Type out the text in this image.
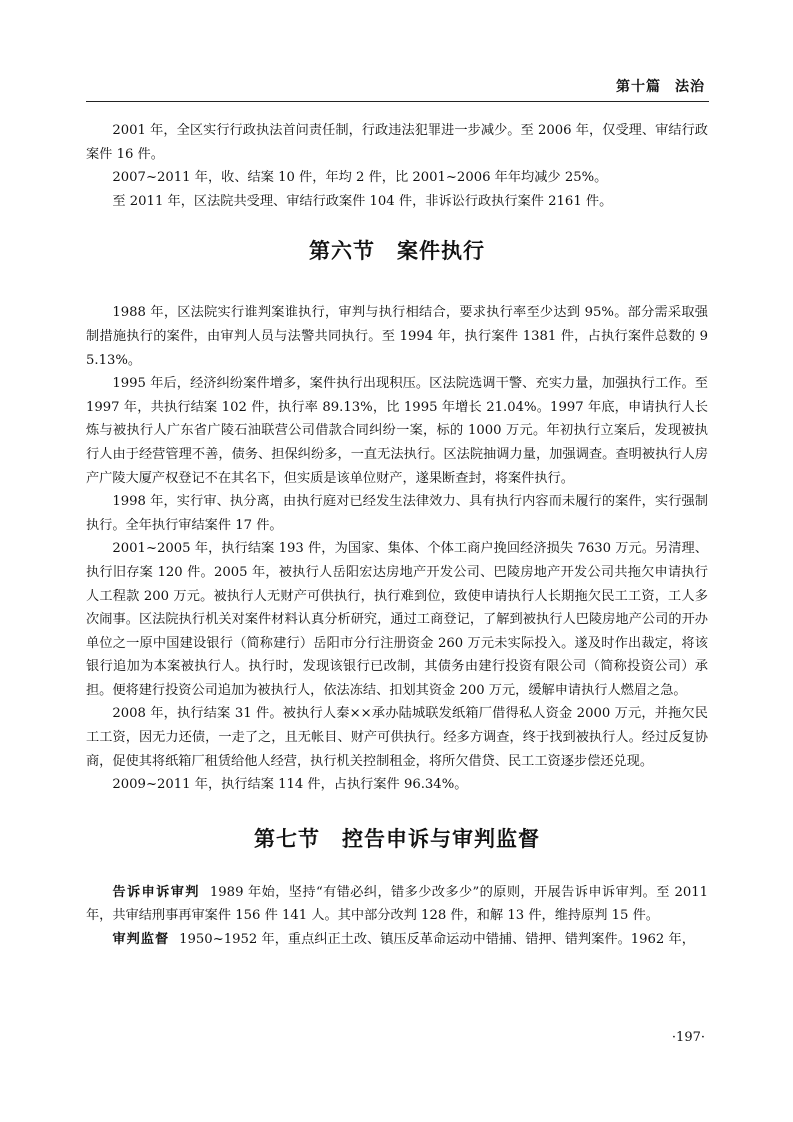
第十篇 法治

2001 年，全区实行行政执法首问责任制，行政违法犯罪进一步减少。至 2006 年，仅受理、审结行政案件 16 件。

2007~2011 年，收、结案 10 件，年均 2 件，比 2001~2006 年年均减少 25%。

至 2011 年，区法院共受理、审结行政案件 104 件，非诉讼行政执行案件 2161 件。

第六节 案件执行

1988 年，区法院实行谁判案谁执行，审判与执行相结合，要求执行率至少达到 95%。部分需采取强制措施执行的案件，由审判人员与法警共同执行。至 1994 年，执行案件 1381 件，占执行案件总数的 95.13%。

1995 年后，经济纠纷案件增多，案件执行出现积压。区法院选调干警、充实力量，加强执行工作。至 1997 年，共执行结案 102 件，执行率 89.13%，比 1995 年增长 21.04%。1997 年底，申请执行人长炼与被执行人广东省广陵石油联营公司借款合同纠纷一案，标的 1000 万元。年初执行立案后，发现被执行人由于经营管理不善，债务、担保纠纷多，一直无法执行。区法院抽调力量，加强调查。查明被执行人房产广陵大厦产权登记不在其名下，但实质是该单位财产，遂果断查封，将案件执行。

1998 年，实行审、执分离，由执行庭对已经发生法律效力、具有执行内容而未履行的案件，实行强制执行。全年执行审结案件 17 件。

2001~2005 年，执行结案 193 件，为国家、集体、个体工商户挽回经济损失 7630 万元。另清理、执行旧存案 120 件。2005 年，被执行人岳阳宏达房地产开发公司、巴陵房地产开发公司共拖欠申请执行人工程款 200 万元。被执行人无财产可供执行，执行难到位，致使申请执行人长期拖欠民工工资，工人多次闹事。区法院执行机关对案件材料认真分析研究，通过工商登记，了解到被执行人巴陵房地产公司的开办单位之一原中国建设银行（简称建行）岳阳市分行注册资金 260 万元未实际投入。遂及时作出裁定，将该银行追加为本案被执行人。执行时，发现该银行已改制，其债务由建行投资有限公司（简称投资公司）承担。便将建行投资公司追加为被执行人，依法冻结、扣划其资金 200 万元，缓解申请执行人燃眉之急。

2008 年，执行结案 31 件。被执行人秦××承办陆城联发纸箱厂借得私人资金 2000 万元，并拖欠民工工资，因无力还债，一走了之，且无帐目、财产可供执行。经多方调查，终于找到被执行人。经过反复协商，促使其将纸箱厂租赁给他人经营，执行机关控制租金，将所欠借贷、民工工资逐步偿还兑现。

2009~2011 年，执行结案 114 件，占执行案件 96.34%。

第七节 控告申诉与审判监督

告诉申诉审判 1989 年始，坚持“有错必纠，错多少改多少”的原则，开展告诉申诉审判。至 2011 年，共审结刑事再审案件 156 件 141 人。其中部分改判 128 件，和解 13 件，维持原判 15 件。

审判监督 1950~1952 年，重点纠正土改、镇压反革命运动中错捕、错押、错判案件。1962 年，

·197·
